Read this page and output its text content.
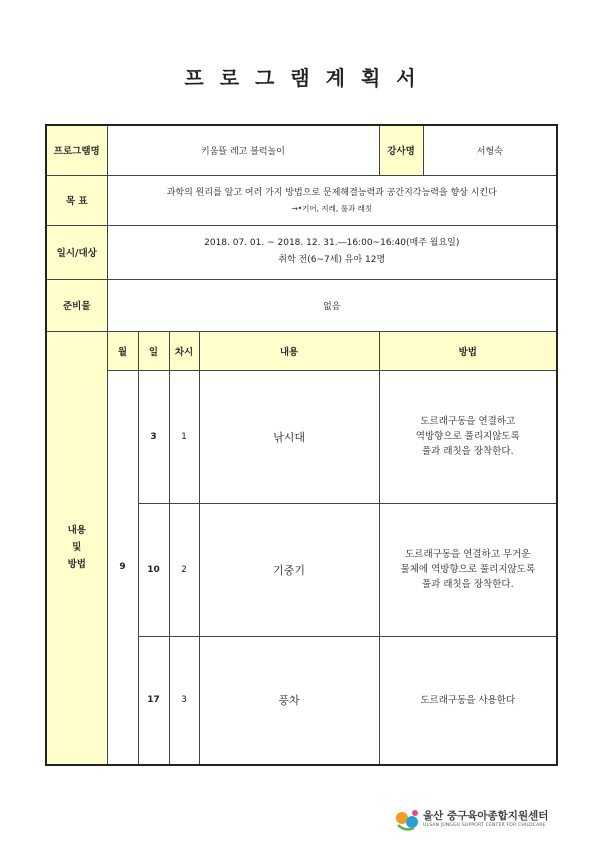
프로그램계획서
프로그램명	키움뜰 레고 블럭놀이				강사명	서형숙
목 표	과학의 원리를 알고 여러 가지 방법으로 문제해결능력과 공간지각능력을 향상 시킨다
→•기어, 지레, 풀과 래칫					

일시/대상	2018. 07. 01. ~ 2018. 12. 31.―16:00~16:40(매주 월요일)
취학 전(6~7세) 유아 12명					

준비물	없음					

내용
및
방법	월	일	차시	내용	방법	
	9	3	1	낚시대	도르래구동을 연결하고
역방향으로 풀리지않도록
풀과 래칫을 장착한다.	

		10	2	기중기	도르래구동을 연결하고 무거운
물체에 역방향으로 풀리지않도록
풀과 래칫을 장착한다.	

		17	3	풍차	도르래구동을 사용한다	
울산 중구육아종합지원센터
ULSAN JUNGGU SUPPORT CENTER FOR CHILDCARE
